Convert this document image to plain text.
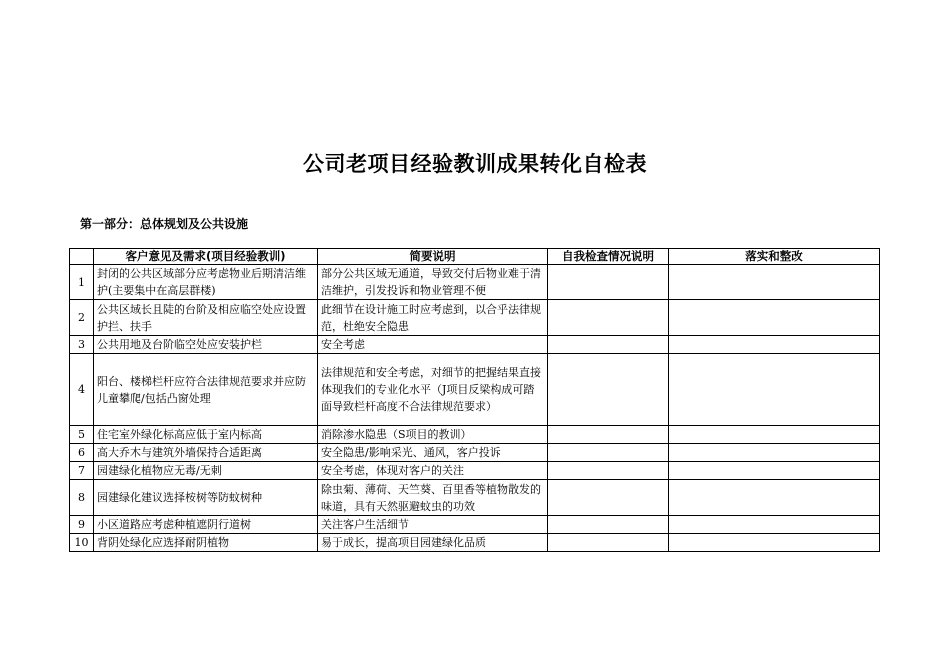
公司老项目经验教训成果转化自检表
第一部分：总体规划及公共设施
	客户意见及需求(项目经验教训)	简要说明	自我检查情况说明	落实和整改
1	封闭的公共区域部分应考虑物业后期清洁维护(主要集中在高层群楼)	部分公共区域无通道，导致交付后物业难于清洁维护，引发投诉和物业管理不便		
2	公共区域长且陡的台阶及相应临空处应设置护拦、扶手	此细节在设计施工时应考虑到，以合乎法律规范，杜绝安全隐患		
3	公共用地及台阶临空处应安装护栏	安全考虑		
4	阳台、楼梯栏杆应符合法律规范要求并应防儿童攀爬/包括凸窗处理	法律规范和安全考虑，对细节的把握结果直接体现我们的专业化水平（J项目反梁构成可踏面导致栏杆高度不合法律规范要求）		
5	住宅室外绿化标高应低于室内标高	消除渗水隐患（S项目的教训）		
6	高大乔木与建筑外墙保持合适距离	安全隐患/影响采光、通风，客户投诉		
7	园建绿化植物应无毒/无刺	安全考虑，体现对客户的关注		
8	园建绿化建议选择桉树等防蚊树种	除虫菊、薄荷、天竺葵、百里香等植物散发的味道，具有天然驱避蚊虫的功效		
9	小区道路应考虑种植遮阴行道树	关注客户生活细节		
10	背阴处绿化应选择耐阴植物	易于成长，提高项目园建绿化品质		
